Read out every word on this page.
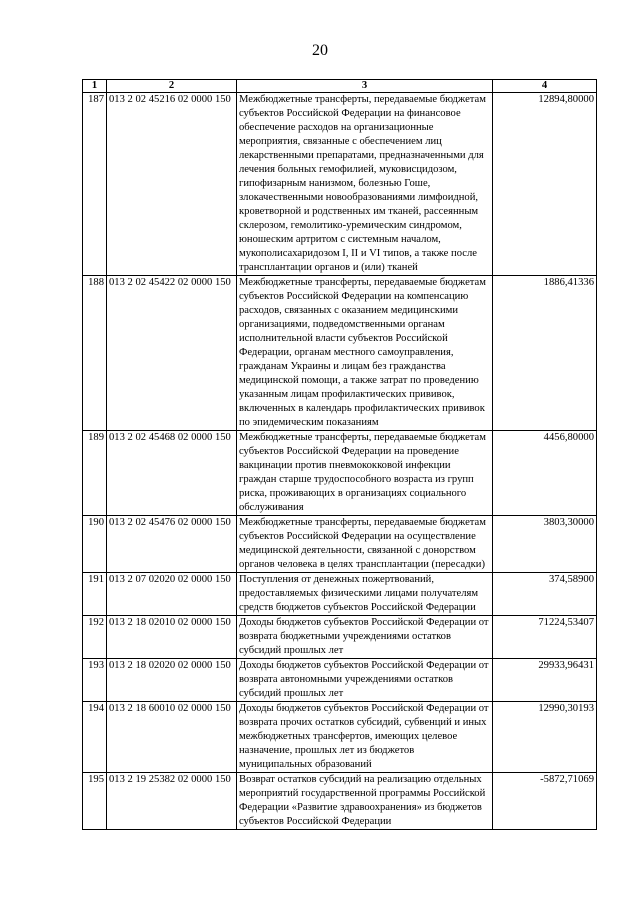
20
1	2	3	4
187	013 2 02 45216 02 0000 150	Межбюджетные трансферты, передаваемые бюджетам субъектов Российской Федерации на финансовое обеспечение расходов на организационные мероприятия, связанные с обеспечением лиц лекарственными препаратами, предназначенными для лечения больных гемофилией, муковисцидозом, гипофизарным нанизмом, болезнью Гоше, злокачественными новообразованиями лимфоидной, кроветворной и родственных им тканей, рассеянным склерозом, гемолитико-уремическим синдромом, юношеским артритом с системным началом, мукополисахаридозом I, II и VI типов, а также после трансплантации органов и (или) тканей	12894,80000
188	013 2 02 45422 02 0000 150	Межбюджетные трансферты, передаваемые бюджетам субъектов Российской Федерации на компенсацию расходов, связанных с оказанием медицинскими организациями, подведомственными органам исполнительной власти субъектов Российской Федерации, органам местного самоуправления, гражданам Украины и лицам без гражданства медицинской помощи, а также затрат по проведению указанным лицам профилактических прививок, включенных в календарь профилактических прививок по эпидемическим показаниям	1886,41336
189	013 2 02 45468 02 0000 150	Межбюджетные трансферты, передаваемые бюджетам субъектов Российской Федерации на проведение вакцинации против пневмококковой инфекции граждан старше трудоспособного возраста из групп риска, проживающих в организациях социального обслуживания	4456,80000
190	013 2 02 45476 02 0000 150	Межбюджетные трансферты, передаваемые бюджетам субъектов Российской Федерации на осуществление медицинской деятельности, связанной с донорством органов человека в целях трансплантации (пересадки)	3803,30000
191	013 2 07 02020 02 0000 150	Поступления от денежных пожертвований, предоставляемых физическими лицами получателям средств бюджетов субъектов Российской Федерации	374,58900
192	013 2 18 02010 02 0000 150	Доходы бюджетов субъектов Российской Федерации от возврата бюджетными учреждениями остатков субсидий прошлых лет	71224,53407
193	013 2 18 02020 02 0000 150	Доходы бюджетов субъектов Российской Федерации от возврата автономными учреждениями остатков субсидий прошлых лет	29933,96431
194	013 2 18 60010 02 0000 150	Доходы бюджетов субъектов Российской Федерации от возврата прочих остатков субсидий, субвенций и иных межбюджетных трансфертов, имеющих целевое назначение, прошлых лет из бюджетов муниципальных образований	12990,30193
195	013 2 19 25382 02 0000 150	Возврат остатков субсидий на реализацию отдельных мероприятий государственной программы Российской Федерации «Развитие здравоохранения» из бюджетов субъектов Российской Федерации	-5872,71069
